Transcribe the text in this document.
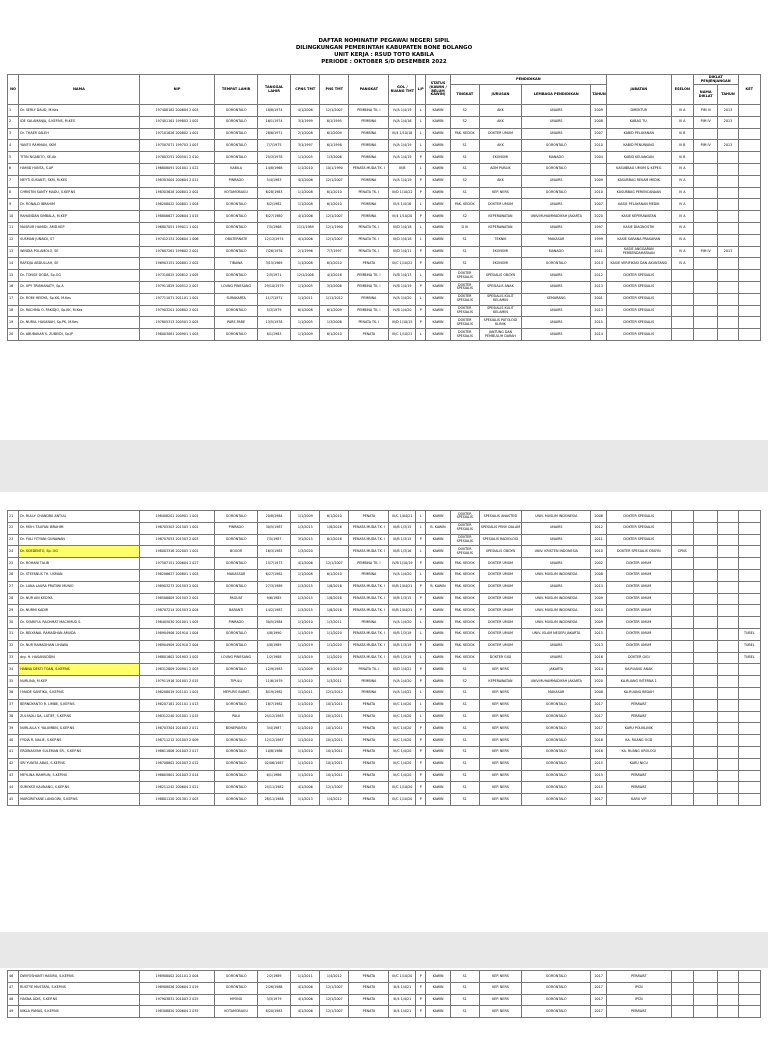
DAFTAR NOMINATIF PEGAWAI NEGERI SIPIL
DILINGKUNGAN PEMERINTAH KABUPATEN BONE BOLANGO
UNIT KERJA : RSUD TOTO KABILA
PERIODE : OKTOBER S/D DESEMBER 2022
NO	NAMA	NIP	TEMPAT LAHIR	TANGGAL LAHIR	CPNS TMT	PNS TMT	PANGKAT	GOL / RUANG TMT	L/P	STATUS (KAWIN / BELUM KAWIN)	PENDIDIKAN				JABATAN	ESELON	DIKLAT PENJENJANGAN		KET
											TINGKAT	JURUSAN	LEMBAGA PENDIDIKAN	TAHUN			NAMA DIKLAT	TAHUN	
1	Dr. SERLY DAUD, M.Kes	197408182 200604 2 003	GORONTALO	18/8/1974	4/1/2006	12/1/2007	PEMBINA TK. I	IV/A 1/4/19	L	KAWIN	S2	AKK	UNAIRS	2009	DIREKTUR	III A	PIM III	2013	
2	IDE SALAMANJA, S.KEP.NS, M.KES	197401161 199803 1 002	GORONTALO	16/1/1974	3/1/1999	6/1/1995	PEMBINA	IV/A 1/4/16	L	KAWIN	S2	AKK	UNAIRS	2008	KABAG TU.	III A	PIM IV	2013	
3	Dr. THAER SALEH	197101626 200802 1 001	GORONTALO	28/6/1971	2/1/2008	6/1/2009	PEMBINA	III/4 1/10/18	L	KAWIN	PAK. KEDOK	DOKTER UMUM	UNAIRS	2007	KABID PELAYANAN	III B			
4	YANTO RAHMAN, SKM	197507071 199703 1 007	GORONTALO	7/7/1975	3/1/1997	6/1/1998	PEMBINA	IV/A 1/4/19	L	KAWIN	S1	AKK	GORONTALO	2010	KABID PENUNJANG	III B	PIM IV	2013	
5	TITIN NGABITO, SE.Ak	197803251 200501 2 010	GORONTALO	25/3/1978	1/1/2005	1/3/2006	PEMBINA	IV/A 1/4/19	P	KAWIN	S1	EKONOMI	MANADO	2004	KABID KEUANGAN	III B			
6	HAMID HUNTA, S.AP	196808091 201001 1 022	KABILA	14/8/1968	1/1/2010	10/1/1990	PENATA MUDA TK. I	III/B	L	KAWIN	S1	ADM PUBLIK	GORONTALO		KASUBBAG UMUM & KEPEG	IV A			
7	MEYTI SUSANTI, SKM, M.KES	198303004 200604 2 011	PINRADO	5/4/1983	4/1/2006	12/1/2007	PEMBINA	IV/A 1/4/19	P	KAWIN	S2	AKK	UNAIRS	2009	KASUBBAG REKAM MEDIK	IV A			
8	CHRISTIN SANTY MADU, S.KEP.NS	198303628 200801 2 002	KOTAMOBAGU	6/28/1983	1/1/2008	6/1/2010	PENATA TK. I	III/D 1/10/22	P	KAWIN	S1	KEP. NERS	GORONTALO	2010	KASUBBAG PERENCANAAN	IV A			
9	Dr. RONALD IBRAHIM	198208022 200801 1 004	GORONTALO	8/2/1982	1/1/2008	6/1/2010	PEMBINA	III/4 1/4/16	L	KAWIN	PAK. KEDOK	DOKTER UMUM	UNAIRS	2007	KASIE PELAYANAN MEDIK	IV A			
10	RAHANDAN SIMBALA, M.KEP	198806627 200604 1 015	GORONTALO	6/27/1980	4/1/2006	12/1/2007	PEMBINA	III/4 1/10/20	P	KAWIN	S2	KEPERAWATAN	UNIV.MUHAMMADIYAH JAKARTA	2020	KASIE KEPERAWATAN	IV A			
11	MASRUR HAMIDI, AMD.KEP	196807051 199011 1 001	GORONTALO	7/5/1968	11/1/1989	12/1/1990	PENATA TK. I	III/D 1/4/18	L	KAWIN	D III	KEPERAWATAN	UNAIRS	1997	KASIE DIAGNOSTIK	IV A			
12	SUSMAN JUNAIDI, ST	197412131 200604 1 006	OBILTERNATE	12/12/1974	4/1/2006	12/1/2007	PENATA TK. I	III/D 1/4/18	L	KAWIN	S1	TEKNIK	MAKASAR	1999	KASIE SARANA PRASARAN	IV A			
13	WINDIA POLAMOLO, SE	197607261 199602 2 001	GORONTALO	7/26/1976	2/1/1996	7/7/1997	PENATA TK. I	III/D 1/4/11	P	KAWIN	S1	EKONOMI	MANADO	2011	KASIE ANGGARAN PERBENDAHARAAN	IV A	PIM IV	2013	
14	RAFIDJA ABDULLAH, SE	196903151 200801 2 002	TIBAWA	3/15/1969	1/1/2008	6/1/2010	PENATA	III/C 1/10/22	P	KAWIN	S1	EKONOMI	GORONTALO	2014	KASIE VERIFIKASI DAN AKUNTANSI	IV A			
15	Dr. TONGE DODA, Sp.OG	197310825 200812 1 005	GORONTALO	2/5/1971	12/1/2008	4/1/2016	PEMBINA TK. I	IV/B 1/4/13	L	KAWIN	DOKTER SPESIALIS	SPESIALIS OBGYN	UNAIRS	2012	DOKTER SPESIALIS				
16	Dr. UPY TRIBHANATY, Sp.A	197911829 200512 2 007	LOUNG PINESANG	29/10/1979	1/1/2005	3/1/2006	PEMBINA TK. I	IV/B 1/4/19	P	KAWIN	DOKTER SPESIALIS	SPESIALIS ANAK	UNAIRS	2013	DOKTER SPESIALIS				
17	Dr. ROMI HEIDYA, Sp.KK, M.Kes	197711071 201101 1 001	SURAKARTA	11/7/1971	1/1/2011	1/11/2012	PEMBINA	IV/A 1/4/20	L	KAWIN	DOKTER SPESIALIS	SPESIALIS KULIT KELAMIN	SEMARANG	2001	DOKTER SPESIALIS				
18	Dr. RACHMA O. PAKIDJO, Sp.KK, M.Kes	197903201 200802 2 001	GORONTALO	5/3/1979	6/1/2008	6/1/2009	PEMBINA TK. I	IV/B 1/4/20	P	KAWIN	DOKTER SPESIALIS	SPESIALIS KULIT KELAMIN	UNAIRS	2013	DOKTER SPESIALIS				
19	Dr. NURUL HASANAH, Sp.PK, M.Kes	197805313 200501 2 005	PARE-PARE	13/5/1978	1/1/2005	1/3/2006	PENATA TK. I	III/D 1/10/15	P	KAWIN	DOKTER SPESIALIS	SPESIALIS PATOLOGI KLINIK	UNAIRS	2015	DOKTER SPESIALIS				
20	Dr. ABUBAKAR S. ZUBEIDI, Sp.JP	198003081 200901 1 003	GORONTALO	8/1/1983	1/1/2009	6/1/2010	PENATA	III/C 1/10/21	L	KAWIN	DOKTER SPESIALIS	JANTUNG DAN PEMBULUH DARAH	UNAIRS	2014	DOKTER SPESIALIS				
21	Dr. RULLY CHANDRA ANTULI	198408201 200901 1 001	GORONTALO	20/8/1984	1/1/2009	6/1/2010	PENATA	III/C 1/04/21	L	KAWIN	DOKTER SPESIALIS	SPESIALIS ANASTESI	UNIV. MUSLIM INDONESIA	2006	DOKTER SPESIALIS				
22	Dr. MOH. TAUFAN IBRAHIM	198705303 201503 1 001	PINRADO	30/5/1987	1/3/2015	1/8/2016	PENATA MUDA TK. I	III/B 1/3/15	L	B. KAWIN	DOKTER SPESIALIS	SPESIALIS PENY. DALAM	UNAIRS	2012	DOKTER SPESIALIS				
23	Dr. YULI FITYANI GUNAWAN	198707053 201503 2 003	GORONTALO	7/5/1987	3/1/2015	8/1/2016	PENATA MUDA TK. I	III/B 1/3/15	P	KAWIN	DOKTER SPESIALIS	SPESIALIS RADIOLOGI	UNAIRS	2011	DOKTER SPESIALIS				
24	Dr. SOEDENTO, Sp. OG	198003316 202003 1 001	BOGOR	16/3/1983	1/3/2020		PENATA MUDA TK. I	III/B 1/3/16	L	KAWIN	DOKTER SPESIALIS	SPESIALIS OBGYN	UNIV. KRISTEN INDONESIA	2010	DOKTER SPESIALIS OBGYN	CPNS			
25	Dr. ROHANI TALIB	197507151 200604 2 027	GORONTALO	15/7/1973	4/1/2006	12/1/2007	PEMBINA TK. I	IV/B 1/10/19	P	KAWIN	PAK. KEDOK	DOKTER UMUM	UNAIRS	2002	DOKTER UMUM				
26	Dr. STEFANUS TH. USMAN	198206627 200801 1 003	MAKASSAR	6/27/1982	1/1/2008	6/1/2010	PEMBINA	IV/A 1/4/20	L	KAWIN	PAK. KEDOK	DOKTER UMUM	UNIV. MUSLIM INDONESIA	2008	DOKTER UMUM				
27	Dr. LANA LAURA PRATIWI MUNIO	198903273 201503 2 002	GORONTALO	27/3/1989	1/3/2015	1/8/2016	PENATA MUDA TK. I	III/B 1/04/21	P	B. KAWIN	PAK. KEDOK	DOKTER UMUM	UNAIRS	2013	DOKTER UMUM				
28	Dr. NUR AIN KEDIYA	198506809 201503 2 001	PAGUAT	9/6/1985	1/3/2015	1/8/2016	PENATA MUDA TK. I	III/B 1/3/15	P	KAWIN	PAK. KEDOK	DOKTER UMUM	UNIV. MUSLIM INDONESIA	2009	DOKTER UMUM				
29	Dr. NURMI KADIR	198707214 201503 2 004	BARANTI	14/2/1987	1/3/2015	1/8/2016	PENATA MUDA TK. I	III/B 1/04/21	P	KAWIN	PAK. KEDOK	DOKTER UMUM	UNIV. MUSLIM INDONESIA	2010	DOKTER UMUM				
30	Dr. SYARIFUL RACHMAT MACHMUD S.	198405030 201001 1 005	PINRADO	30/5/1984	1/1/2010	1/3/2011	PEMBINA	IV/A 1/4/20	L	KAWIN	PAK. KEDOK	DOKTER UMUM	UNIV. MUSLIM INDONESIA	2009	DOKTER UMUM				
31	Dr. BELYANAL RAMADHAN AMUDA	198904906 201910 1 004	GORONTALO	4/8/1990	1/1/2019	1/1/2020	PENATA MUDA TK. I	III/B 1/3/19	L	KAWIN	PAK. KEDOK	DOKTER UMUM	UNIV. ISLAM NEGERI JAKARTA	2015	DOKTER UMUM				TUBEL
32	Dr. NUR RAMADHIAN LIHAWA	198904909 201910 2 004	GORONTALO	4/8/1989	1/1/2019	1/1/2020	PENATA MUDA TK. I	III/B 1/3/19	P	KAWIN	PAK. KEDOK	DOKTER UMUM	UNAIRS	2013	DOKTER UMUM				TUBEL
33	drg. H. HASANUDDIN	198801602 201903 1 002	LOUNG PINESANG	1/2/1988	1/1/2019	1/1/2020	PENATA MUDA TK. I	III/B 1/3/19	L	KAWIN	PAK. KEDOK	DOKTER GIGI	UNAIRS	2016	DOKTER GIGI				TUBEL
34	HANNA DESTI TOAN, S.KEP.NS	198312809 200901 2 003	GORONTALO	12/9/1983	1/1/2009	6/1/2010	PENATA TK. I	III/D 1/4/22	P	KAWIN	S1	KEP. NERS	JAKARTA	2014	KA.RUANG ANAK				
35	NURLINA, M.KEP	197911916 201001 2 015	TIPULU	11/6/1979	1/1/2010	1/3/2011	PEMBINA	IV/A 1/4/20	P	KAWIN	S2	KEPERAWATAN	UNIV.MUHAMMADIYAH JAKARTA	2020	KA.RUANG INTERNA 1				
36	I MADE SANTIKA, S.KEP.NS	198208019 201101 1 001	MEPURO BARAT	8/19/1982	1/1/2011	12/1/2012	PEMBINA	IV/A 1/4/22	L	KAWIN	S1	KEP. NERS	MAKASAR	2008	KA.RUANG BEDAH				
37	BERNDYANTO R. LIMBE, S.KEP.NS	198207181 201101 1 013	GORONTALO	18/7/1982	1/1/2010	10/1/2011	PENATA	III/C 1/4/20	L	KAWIN	S1	KEP. NERS	GORONTALO	2017	PERAWAT				
38	ZULFADLI DA. LATIEF, S.KEP.NS	198312240 201001 1 015	PALU	24/12/1983	1/1/2010	10/1/2011	PENATA	III/C 1/4/20	L	KAWIN	S1	KEP. NERS	GORONTALO	2017	PERAWAT				
39	NURLAILA Y. YALUMBIN, S.KEP.NS	198703304 201003 2 011	BONEPANTAI	3/4/1987	1/1/2010	10/1/2011	PENATA	III/C 1/4/20	P	KAWIN	S1	KEP. NERS	GORONTALO	2017	KARU POLIKLINIK				
40	FYDIA R. NALIE, S.KEP.NS	198711212 201003 2 009	GORONTALO	12/12/1987	1/1/2010	10/1/2011	PENATA	III/C 1/4/20	P	KAWIN	S1	KEP. NERS	GORONTALO	2016	KA. RUANG OGD				
41	ERDINASYAH SULEMAN SR., S.KEP.NS	198611806 201003 2 017	GORONTALO	10/8/1986	1/1/2010	10/1/2011	PENATA	III/C 1/4/20	P	KAWIN	S1	KEP. NERS	GORONTALO	2016	KA. RUANG UROLOGI				
42	SRI YUNITA ABAS, S.KEP.NS	198708802 201003 2 012	GORONTALO	02/06/1987	1/1/2010	10/1/2011	PENATA	III/C 1/4/20	P	KAWIN	S1	KEP. NERS	GORONTALO	2015	KARU NICU				
43	MEYLINA MAHRUN, S.KEP.NS	198605801 201003 2 014	GORONTALO	6/1/1986	1/1/2010	10/1/2011	PENATA	III/C 1/4/20	P	KAWIN	S1	KEP. NERS	GORONTALO	2015	PERAWAT				
44	SUMIYATI KAUNANG, S.KEP.NS	198211242 200604 2 021	GORONTALO	24/11/1982	4/1/2006	12/1/2007	PENATA	III/C 1/10/20	P	KAWIN	S1	KEP. NERS	GORONTALO	2015	PERAWAT				
45	MARGRIEYANE LANGOWI, S.KEP.NS	198801120 201301 2 003	GORONTALO	28/11/1988	1/1/2013	1/4/2012	PENATA	III/C 1/10/20	P	KAWIN	S1	KEP. NERS	GORONTALO	2017	KARU VIP				
46	DWIYOSHANTI HASIRU, S.KEP.NS	198908002 201101 2 004	GORONTALO	2/2/1989	1/1/2011	1/4/2012	PENATA	III/C 1/10/20	P	KAWIN	S1	KEP. NERS	GORONTALO	2017	PERAWAT				
47	RUSTYE MUSTAFA, S.KEP.NS	198908026 200604 2 019	GORONTALO	2/26/1988	4/1/2006	12/1/2007	PENATA	III/4 1/4/21	P	KAWIN	S1	KEP. NERS	GORONTALO	2017	IPCN				
48	HASNA ADIS, S.KEP.NS	197903831 201003 2 025	MYONG	3/3/1979	4/1/2006	12/1/2007	PENATA	III/4 1/4/21	P	KAWIN	S1	KEP. NERS	GORONTALO	2017	IPCN				
49	NIKLA PAMAS, S.KEP.NS	198308820 200604 2 035	KOTAMOBAGU	8/20/1983	4/1/2006	12/1/2007	PENATA	III/4 1/4/21	P	KAWIN	S1	KEP. NERS	GORONTALO	2017	PERAWAT				
